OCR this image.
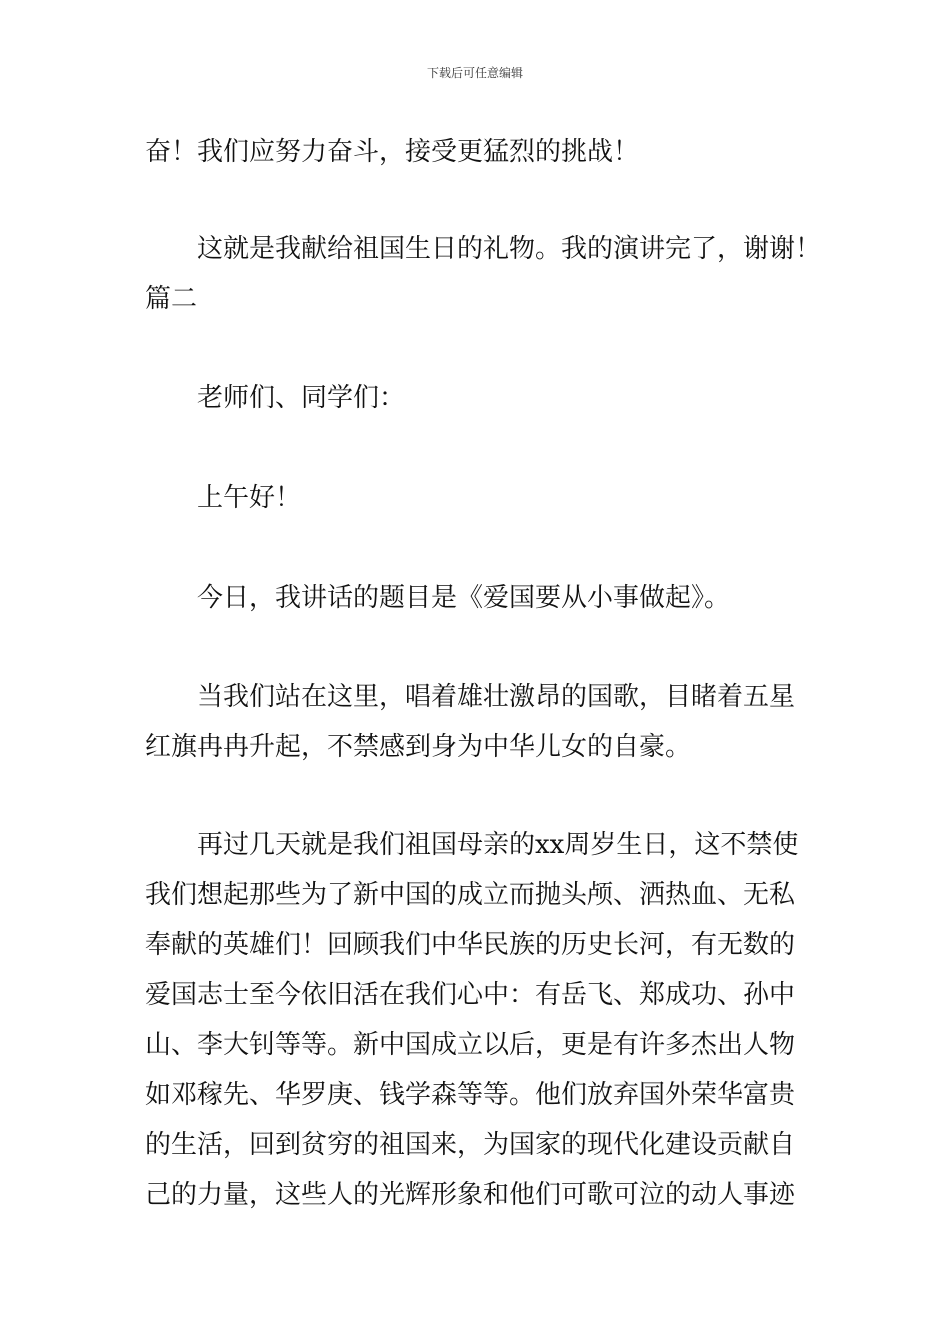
下载后可任意编辑
奋！我们应努力奋斗，接受更猛烈的挑战！
这就是我献给祖国生日的礼物。我的演讲完了，谢谢！
篇二
老师们、同学们：
上午好！
今日，我讲话的题目是《爱国要从小事做起》。
当我们站在这里，唱着雄壮激昂的国歌，目睹着五星
红旗冉冉升起，不禁感到身为中华儿女的自豪。
再过几天就是我们祖国母亲的xx周岁生日，这不禁使
我们想起那些为了新中国的成立而抛头颅、洒热血、无私
奉献的英雄们！回顾我们中华民族的历史长河，有无数的
爱国志士至今依旧活在我们心中：有岳飞、郑成功、孙中
山、李大钊等等。新中国成立以后，更是有许多杰出人物
如邓稼先、华罗庚、钱学森等等。他们放弃国外荣华富贵
的生活，回到贫穷的祖国来，为国家的现代化建设贡献自
己的力量，这些人的光辉形象和他们可歌可泣的动人事迹
